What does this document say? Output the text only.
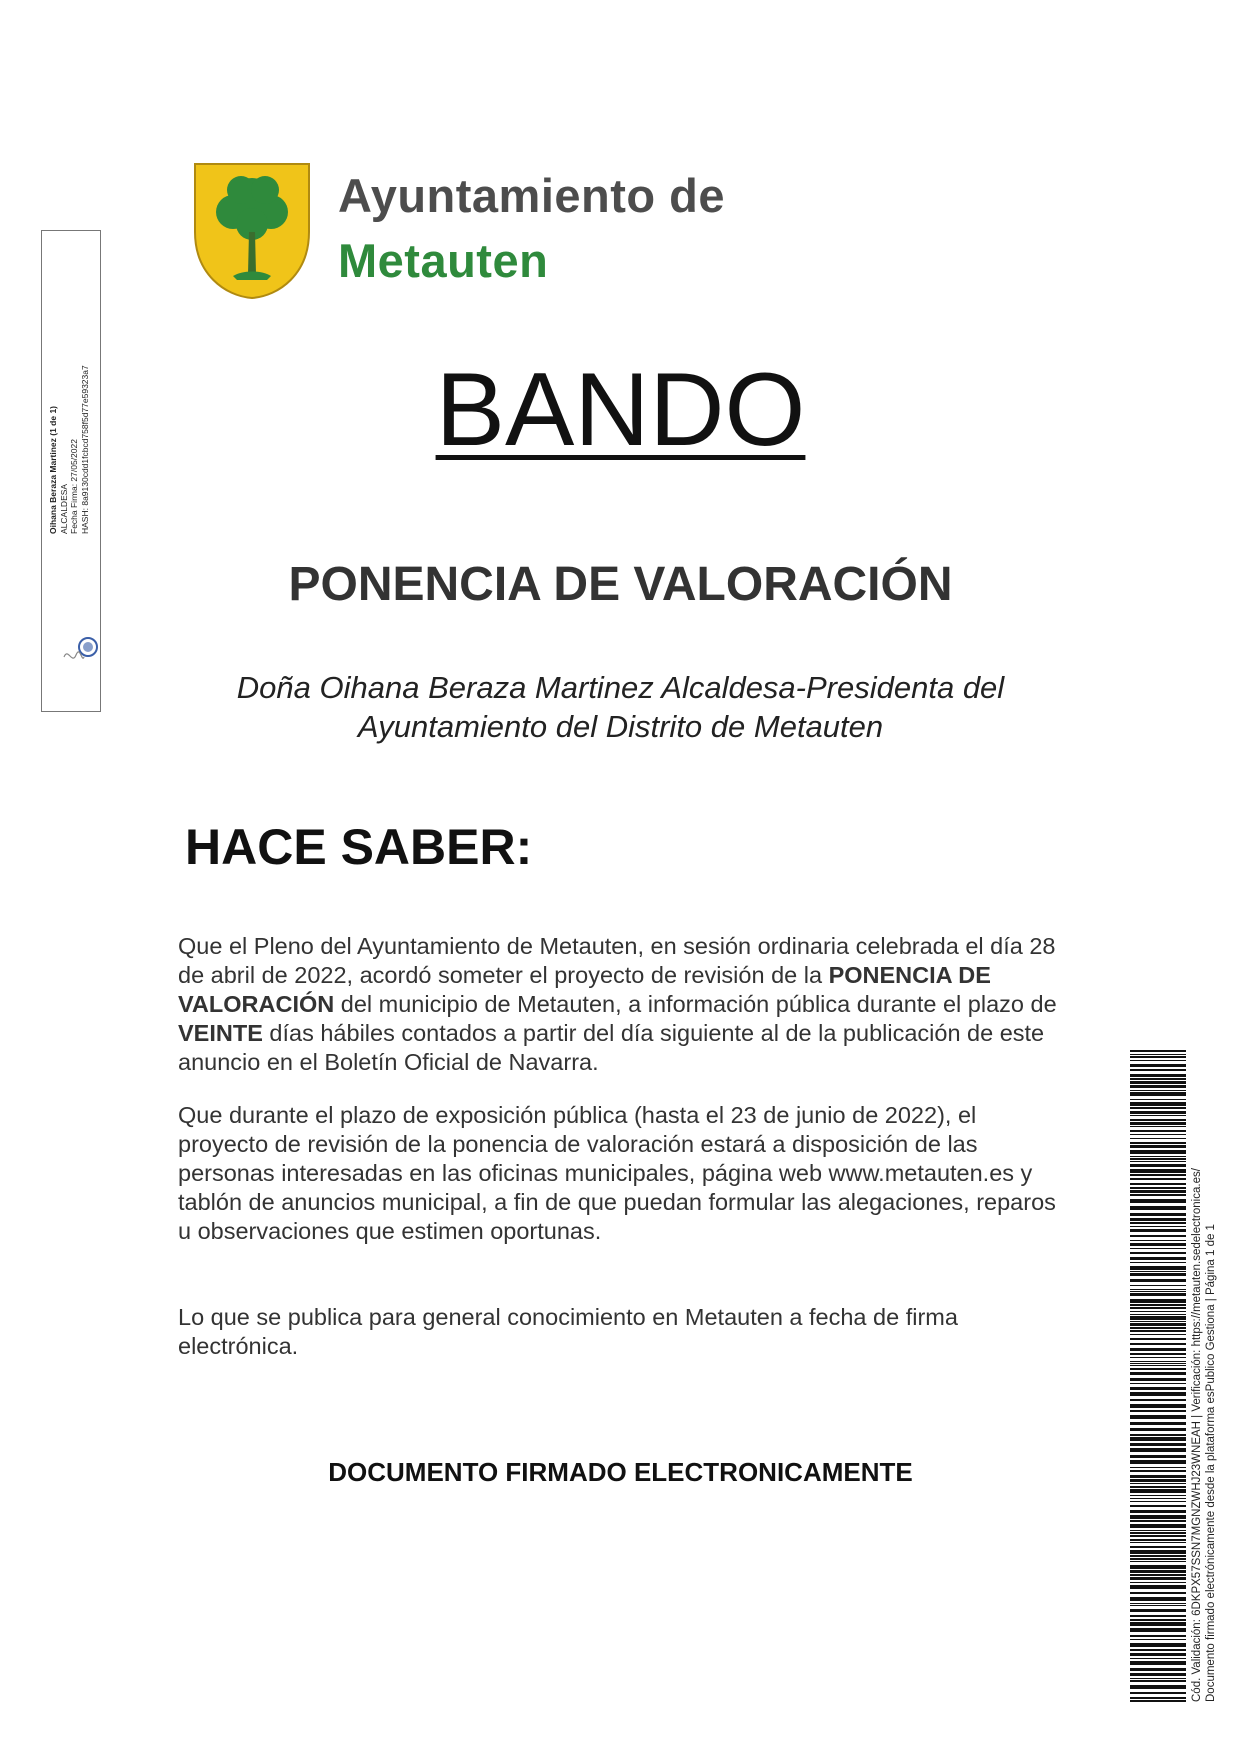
Oihana Beraza Martinez (1 de 1) ALCALDESA Fecha Firma: 27/05/2022 HASH: 8a9130cdd1fcbcd758f5d77e59323a7
Ayuntamiento de
Metauten
BANDO
PONENCIA DE VALORACIÓN
Doña Oihana Beraza Martinez Alcaldesa-Presidenta del
Ayuntamiento del Distrito de Metauten
HACE SABER:
Que el Pleno del Ayuntamiento de Metauten, en sesión ordinaria celebrada el día 28 de abril de 2022, acordó someter el proyecto de revisión de la PONENCIA DE VALORACIÓN del municipio de Metauten, a información pública durante el plazo de VEINTE días hábiles contados a partir del día siguiente al de la publicación de este anuncio en el Boletín Oficial de Navarra.
Que durante el plazo de exposición pública (hasta el 23 de junio de 2022), el proyecto de revisión de la ponencia de valoración estará a disposición de las personas interesadas en las oficinas municipales, página web www.metauten.es y tablón de anuncios municipal, a fin de que puedan formular las alegaciones, reparos u observaciones que estimen oportunas.
Lo que se publica para general conocimiento en Metauten a fecha de firma electrónica.
DOCUMENTO FIRMADO ELECTRONICAMENTE	Cód. Validación: 6DKPX57SSN7MGNZWHJ23WNEAH | Verificación: https://metauten.sedelectronica.es/ Documento firmado electrónicamente desde la plataforma esPublico Gestiona | Página 1 de 1
